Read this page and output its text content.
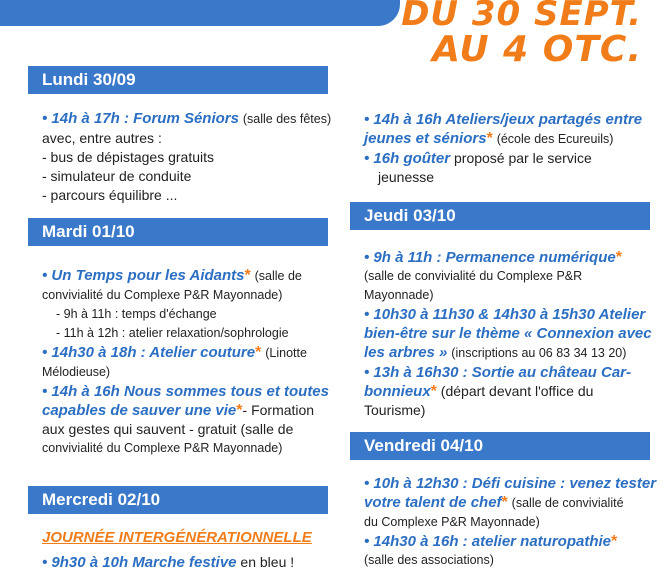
DU 30 SEPT.
AU 4 OTC.
Lundi 30/09
• 14h à 17h : Forum Séniors (salle des fêtes)
avec, entre autres :
- bus de dépistages gratuits
- simulateur de conduite
- parcours équilibre ...
Mardi 01/10
• Un Temps pour les Aidants* (salle de
convivialité du Complexe P&R Mayonnade)
- 9h à 11h : temps d'échange
- 11h à 12h : atelier relaxation/sophrologie
• 14h30 à 18h : Atelier couture* (Linotte
Mélodieuse)
• 14h à 16h Nous sommes tous et toutes
capables de sauver une vie*- Formation
aux gestes qui sauvent - gratuit (salle de
convivialité du Complexe P&R Mayonnade)
Mercredi 02/10
JOURNÉE INTERGÉNÉRATIONNELLE
• 9h30 à 10h Marche festive en bleu !
• 14h à 16h Ateliers/jeux partagés entre
jeunes et séniors* (école des Ecureuils)
• 16h goûter proposé par le service
jeunesse
Jeudi 03/10
• 9h à 11h : Permanence numérique*
(salle de convivialité du Complexe P&R
Mayonnade)
• 10h30 à 11h30 & 14h30 à 15h30 Atelier
bien-être sur le thème « Connexion avec
les arbres » (inscriptions au 06 83 34 13 20)
• 13h à 16h30 : Sortie au château Car-
bonnieux* (départ devant l'office du
Tourisme)
Vendredi 04/10
• 10h à 12h30 : Défi cuisine : venez tester
votre talent de chef* (salle de convivialité
du Complexe P&R Mayonnade)
• 14h30 à 16h : atelier naturopathie*
(salle des associations)
